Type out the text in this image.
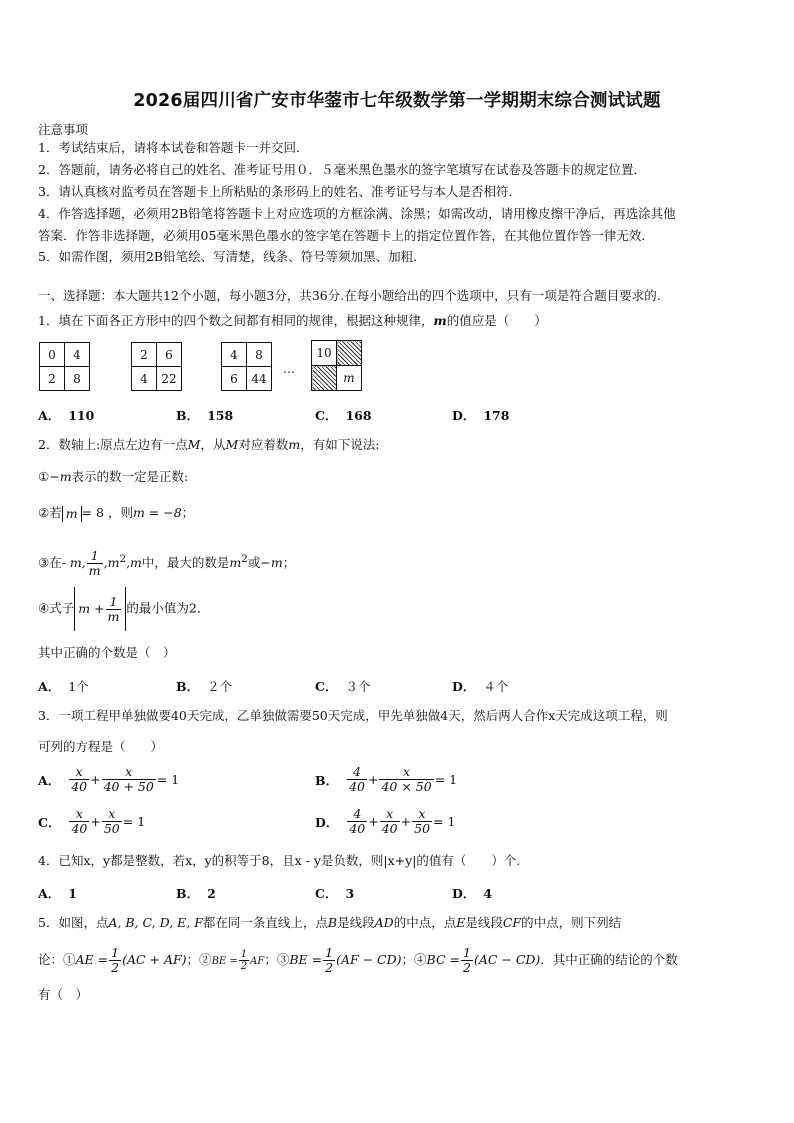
2026届四川省广安市华蓥市七年级数学第一学期期末综合测试试题
注意事项
1．考试结束后，请将本试卷和答题卡一并交回．
2．答题前，请务必将自己的姓名、准考证号用０．５毫米黑色墨水的签字笔填写在试卷及答题卡的规定位置．
3．请认真核对监考员在答题卡上所粘贴的条形码上的姓名、准考证号与本人是否相符．
4．作答选择题，必须用2B铅笔将答题卡上对应选项的方框涂满、涂黑；如需改动，请用橡皮擦干净后，再选涂其他
答案．作答非选择题，必须用05毫米黑色墨水的签字笔在答题卡上的指定位置作答，在其他位置作答一律无效．
5．如需作图，须用2B铅笔绘、写清楚，线条、符号等须加黑、加粗．
一、选择题：本大题共12个小题，每小题3分，共36分.在每小题给出的四个选项中，只有一项是符合题目要求的.
1．填在下面各正方形中的四个数之间都有相同的规律，根据这种规律，m的值应是（　　）
0	4
2	8
2	6
4	22
4	8
6	44
…
10	
	m
A． 110	B． 158	C． 168	D． 178
2．数轴上:原点左边有一点M，从M对应着数m，有如下说法:
①−m表示的数一定是正数:
②若 m = 8 ，则m = −8；
③在- m, $\frac{1}{m} ,m^2,m$中，最大的数是$m^2$或−m；
④式子 $m + \frac{1}{m}$ 的最小值为2．
其中正确的个数是（　）
A． 1个	B． ２个	C． ３个	D． ４个
3．一项工程甲单独做要40天完成，乙单独做需要50天完成，甲先单独做4天，然后两人合作x天完成这项工程，则
可列的方程是（　　）
A． $\frac{x}{40} + \frac{x}{40 + 50} = 1$	B． $\frac{4}{40} + \frac{x}{40 \times 50} = 1$
C． $\frac{x}{40} + \frac{x}{50} = 1$	D． $\frac{4}{40} + \frac{x}{40} + \frac{x}{50} = 1$
4．已知x，y都是整数，若x，y的积等于8，且x - y是负数，则|x+y|的值有（　　）个.
A． 1	B． 2	C． 3	D． 4
5．如图，点A, B, C, D, E, F都在同一条直线上，点B是线段AD的中点，点E是线段CF的中点，则下列结
论：①AE = $\frac{1}{2} (AC + AF)$；②BE = $\frac{1}{2}$ AF；③BE = $\frac{1}{2} (AF - CD)$；④BC = $\frac{1}{2} (AC - CD)$．其中正确的结论的个数
有（　）
